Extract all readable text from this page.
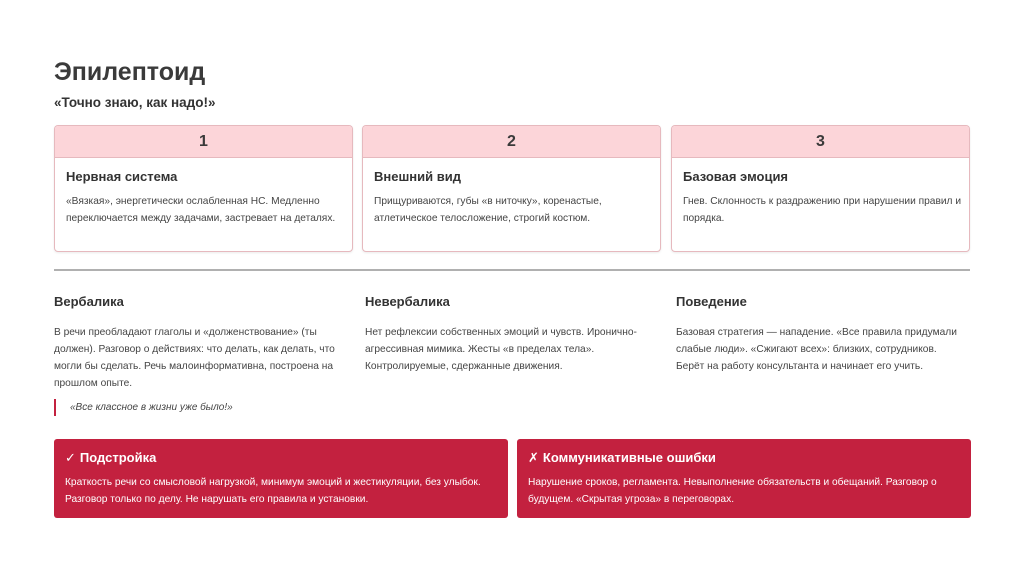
Эпилептоид
«Точно знаю, как надо!»
1
Нервная система
«Вязкая», энергетически ослабленная НС. Медленно переключается между задачами, застревает на деталях.
2
Внешний вид
Прищуриваются, губы «в ниточку», коренастые, атлетическое телосложение, строгий костюм.
3
Базовая эмоция
Гнев. Склонность к раздражению при нарушении правил и порядка.
Вербалика
В речи преобладают глаголы и «долженствование» (ты должен). Разговор о действиях: что делать, как делать, что могли бы сделать. Речь малоинформативна, построена на прошлом опыте.
Невербалика
Нет рефлексии собственных эмоций и чувств. Иронично-агрессивная мимика. Жесты «в пределах тела». Контролируемые, сдержанные движения.
Поведение
Базовая стратегия — нападение. «Все правила придумали слабые люди». «Сжигают всех»: близких, сотрудников. Берёт на работу консультанта и начинает его учить.
«Все классное в жизни уже было!»
✓ Подстройка
Краткость речи со смысловой нагрузкой, минимум эмоций и жестикуляции, без улыбок. Разговор только по делу. Не нарушать его правила и установки.
✗ Коммуникативные ошибки
Нарушение сроков, регламента. Невыполнение обязательств и обещаний. Разговор о будущем. «Скрытая угроза» в переговорах.
